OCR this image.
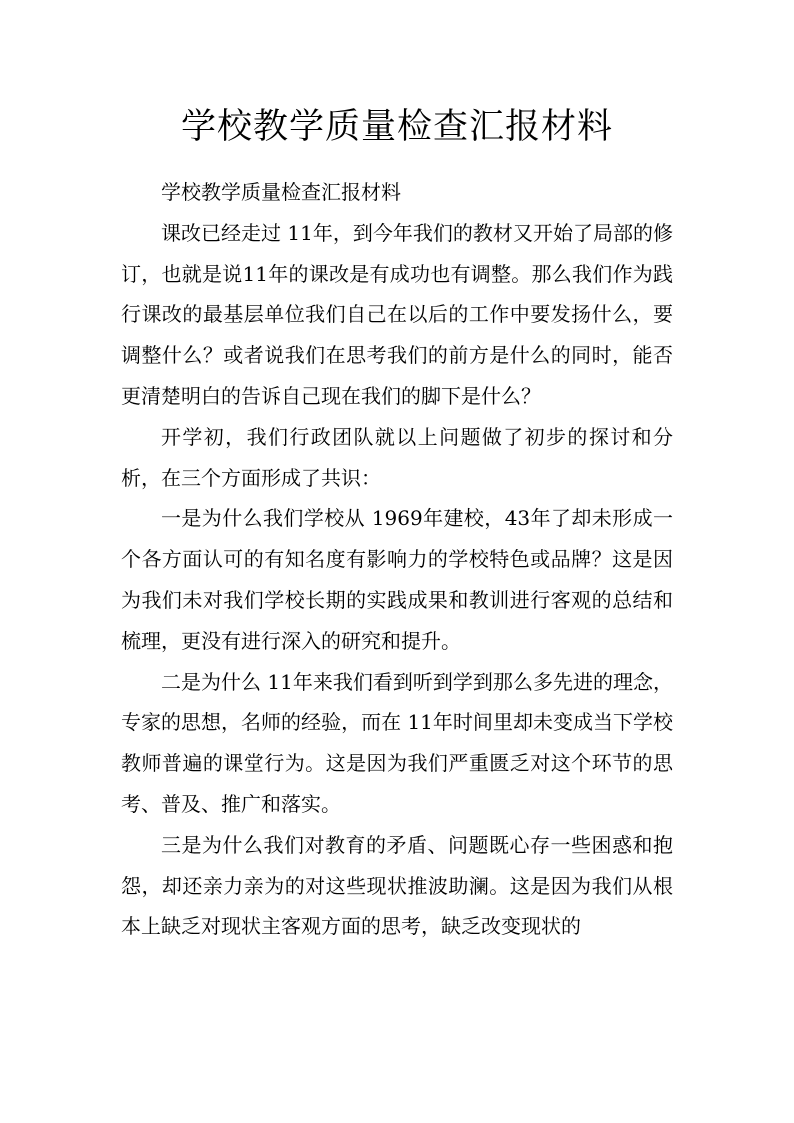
学校教学质量检查汇报材料

学校教学质量检查汇报材料

课改已经走过 11年，到今年我们的教材又开始了局部的修订，也就是说11年的课改是有成功也有调整。那么我们作为践行课改的最基层单位我们自己在以后的工作中要发扬什么，要调整什么？或者说我们在思考我们的前方是什么的同时，能否更清楚明白的告诉自己现在我们的脚下是什么？

开学初，我们行政团队就以上问题做了初步的探讨和分析，在三个方面形成了共识：

一是为什么我们学校从 1969年建校，43年了却未形成一个各方面认可的有知名度有影响力的学校特色或品牌？这是因为我们未对我们学校长期的实践成果和教训进行客观的总结和梳理，更没有进行深入的研究和提升。

二是为什么 11年来我们看到听到学到那么多先进的理念，专家的思想，名师的经验，而在 11年时间里却未变成当下学校教师普遍的课堂行为。这是因为我们严重匮乏对这个环节的思考、普及、推广和落实。

三是为什么我们对教育的矛盾、问题既心存一些困惑和抱怨，却还亲力亲为的对这些现状推波助澜。这是因为我们从根本上缺乏对现状主客观方面的思考，缺乏改变现状的
